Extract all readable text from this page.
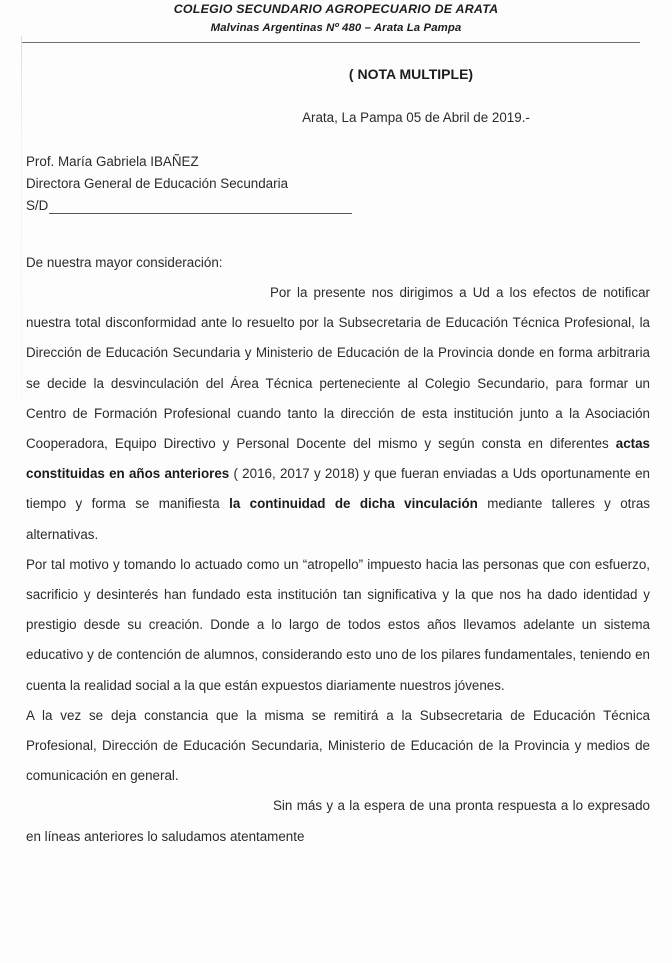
COLEGIO SECUNDARIO AGROPECUARIO DE ARATA
Malvinas Argentinas Nº 480 – Arata La Pampa
( NOTA MULTIPLE)
Arata, La Pampa 05 de Abril de 2019.-
Prof. María Gabriela IBAÑEZ
Directora General de Educación Secundaria
S/D
De nuestra mayor consideración:

Por la presente nos dirigimos a Ud a los efectos de notificar nuestra total disconformidad ante lo resuelto por la Subsecretaria de Educación Técnica Profesional, la Dirección de Educación Secundaria y Ministerio de Educación de la Provincia donde en forma arbitraria se decide la desvinculación del Área Técnica perteneciente al Colegio Secundario, para formar un Centro de Formación Profesional cuando tanto la dirección de esta institución junto a la Asociación Cooperadora, Equipo Directivo y Personal Docente del mismo y según consta en diferentes actas constituidas en años anteriores ( 2016, 2017 y 2018) y que fueran enviadas a Uds oportunamente en tiempo y forma se manifiesta la continuidad de dicha vinculación mediante talleres y otras alternativas.

Por tal motivo y tomando lo actuado como un “atropello” impuesto hacia las personas que con esfuerzo, sacrificio y desinterés han fundado esta institución tan significativa y la que nos ha dado identidad y prestigio desde su creación. Donde a lo largo de todos estos años llevamos adelante un sistema educativo y de contención de alumnos, considerando esto uno de los pilares fundamentales, teniendo en cuenta la realidad social a la que están expuestos diariamente nuestros jóvenes.

A la vez se deja constancia que la misma se remitirá a la Subsecretaria de Educación Técnica Profesional, Dirección de Educación Secundaria, Ministerio de Educación de la Provincia y medios de comunicación en general.

Sin más y a la espera de una pronta respuesta a lo expresado en líneas anteriores lo saludamos atentamente
